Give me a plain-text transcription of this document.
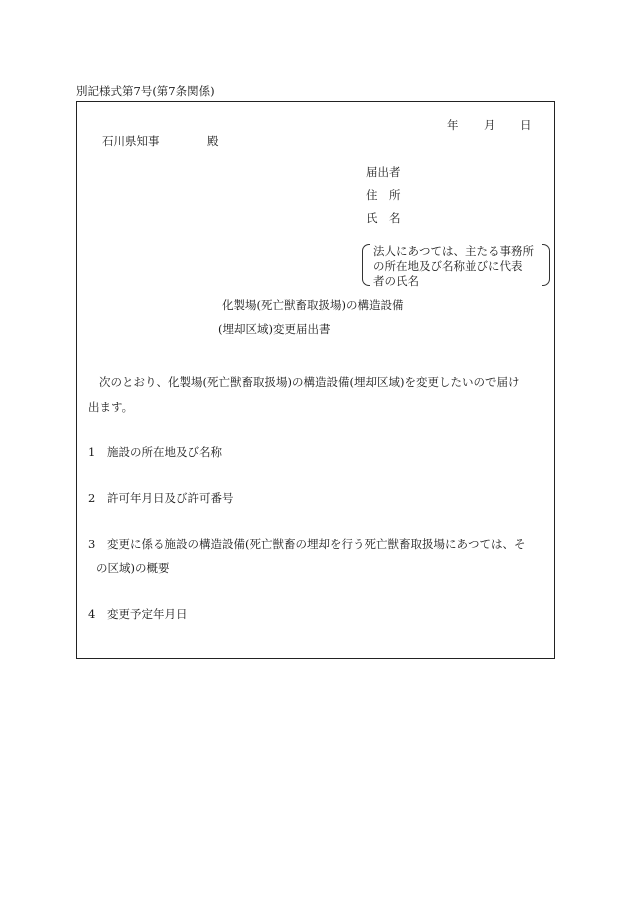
別記様式第7号(第7条関係)
年 月 日
石川県知事	殿
届出者
住　所
氏　名
法人にあつては、主たる事務所
の所在地及び名称並びに代表
者の氏名
化製場(死亡獣畜取扱場)の構造設備
(埋却区域)変更届出書
次のとおり、化製場(死亡獣畜取扱場)の構造設備(埋却区域)を変更したいので届け
出ます。
1 施設の所在地及び名称
2 許可年月日及び許可番号
3 変更に係る施設の構造設備(死亡獣畜の埋却を行う死亡獣畜取扱場にあつては、そ
の区域)の概要
4 変更予定年月日
